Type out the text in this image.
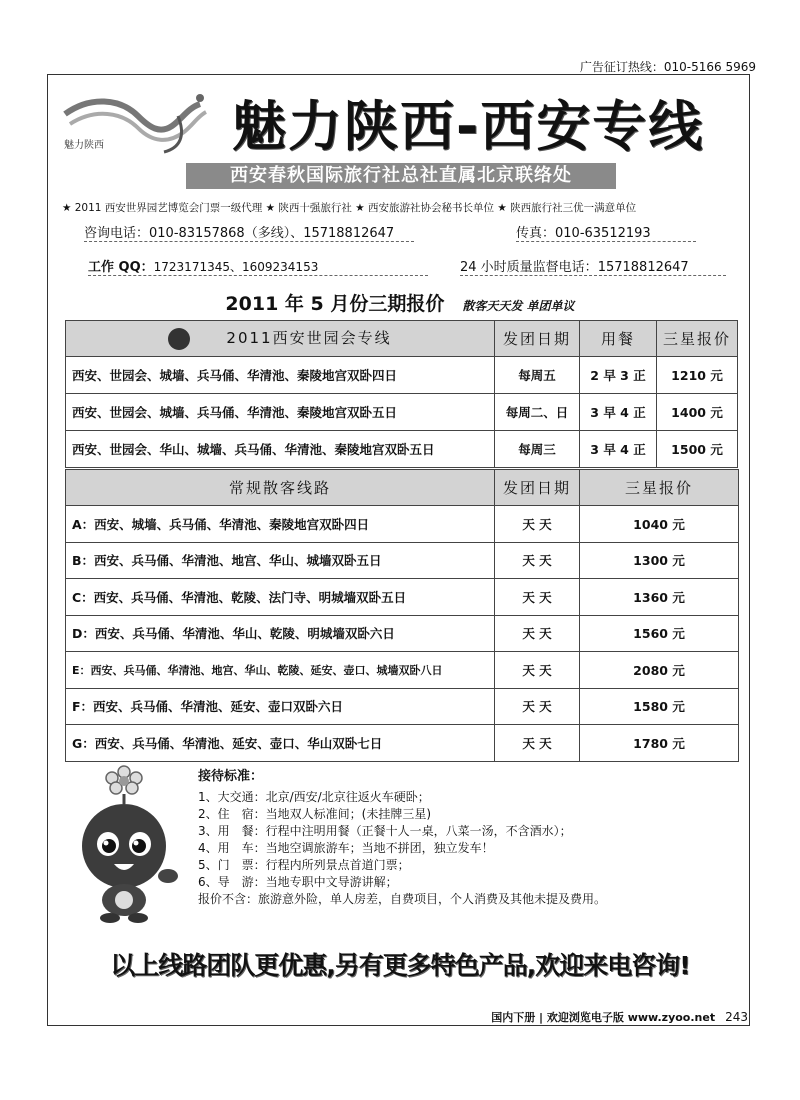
广告征订热线：010-5166 5969
魅力陕西 魅力陕西-西安专线
西安春秋国际旅行社总社直属北京联络处
★ 2011 西安世界园艺博览会门票一级代理 ★ 陕西十强旅行社 ★ 西安旅游社协会秘书长单位 ★ 陕西旅行社三优一满意单位
咨询电话：010-83157868（多线）、15718812647	传真：010-63512193
工作 QQ：1723171345、1609234153	24 小时质量监督电话：15718812647
2011 年 5 月份三期报价 散客天天发 单团单议
2011西安世园会专线	发团日期	用餐	三星报价
西安、世园会、城墙、兵马俑、华清池、秦陵地宫双卧四日	每周五	2 早 3 正	1210 元
西安、世园会、城墙、兵马俑、华清池、秦陵地宫双卧五日	每周二、日	3 早 4 正	1400 元
西安、世园会、华山、城墙、兵马俑、华清池、秦陵地宫双卧五日	每周三	3 早 4 正	1500 元
常规散客线路	发团日期	三星报价
A：西安、城墙、兵马俑、华清池、秦陵地宫双卧四日	天 天	1040 元
B：西安、兵马俑、华清池、地宫、华山、城墙双卧五日	天 天	1300 元
C：西安、兵马俑、华清池、乾陵、法门寺、明城墙双卧五日	天 天	1360 元
D：西安、兵马俑、华清池、华山、乾陵、明城墙双卧六日	天 天	1560 元
E：西安、兵马俑、华清池、地宫、华山、乾陵、延安、壶口、城墙双卧八日	天 天	2080 元
F：西安、兵马俑、华清池、延安、壶口双卧六日	天 天	1580 元
G：西安、兵马俑、华清池、延安、壶口、华山双卧七日	天 天	1780 元
接待标准：
1、大交通：北京/西安/北京往返火车硬卧；
2、住　宿：当地双人标准间；(未挂牌三星)
3、用　餐：行程中注明用餐（正餐十人一桌，八菜一汤，不含酒水）；
4、用　车：当地空调旅游车；当地不拼团，独立发车！
5、门　票：行程内所列景点首道门票；
6、导　游：当地专职中文导游讲解；
报价不含：旅游意外险，单人房差，自费项目，个人消费及其他未提及费用。
以上线路团队更优惠,另有更多特色产品,欢迎来电咨询!
国内下册 | 欢迎浏览电子版 www.zyoo.net 243
